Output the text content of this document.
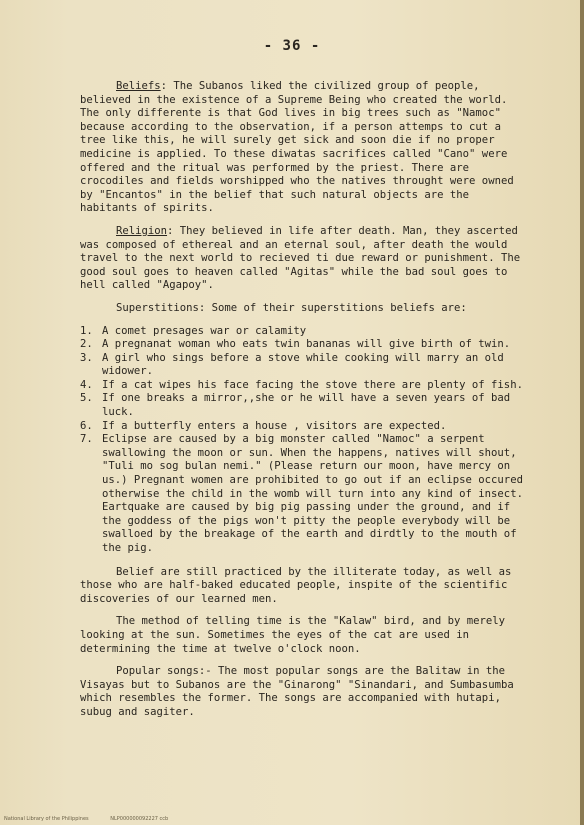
- 36 -

Beliefs: The Subanos liked the civilized group of people, believed in the existence of a Supreme Being who created the world. The only differente is that God lives in big trees such as "Namoc" because according to the observation, if a person attemps to cut a tree like this, he will surely get sick and soon die if no proper medicine is applied. To these diwatas sacrifices called "Cano" were offered and the ritual was performed by the priest. There are crocodiles and fields worshipped who the natives throught were owned by "Encantos" in the belief that such natural objects are the habitants of spirits.

Religion: They believed in life after death. Man, they ascerted was composed of ethereal and an eternal soul, after death the would travel to the next world to recieved ti due reward or punishment. The good soul goes to heaven called "Agitas" while the bad soul goes to hell called "Agapoy".

Superstitions: Some of their superstitions beliefs are:

1. A comet presages war or calamity
2. A pregnanat woman who eats twin bananas will give birth of twin.
3. A girl who sings before a stove while cooking will marry an old widower.
4. If a cat wipes his face facing the stove there are plenty of fish.
5. If one breaks a mirror,,she or he will have a seven years of bad luck.
6. If a butterfly enters a house , visitors are expected.
7. Eclipse are caused by a big monster called "Namoc" a serpent swallowing the moon or sun. When the happens, natives will shout, "Tuli mo sog bulan nemi." (Please return our moon, have mercy on us.) Pregnant women are prohibited to go out if an eclipse occured otherwise the child in the womb will turn into any kind of insect. Eartquake are caused by big pig passing under the ground, and if the goddess of the pigs won't pitty the people everybody will be swalloed by the breakage of the earth and dirdtly to the mouth of the pig.

Belief are still practiced by the illiterate today, as well as those who are half-baked educated people, inspite of the scientific discoveries of our learned men.

The method of telling time is the "Kalaw" bird, and by merely looking at the sun. Sometimes the eyes of the cat are used in determining the time at twelve o'clock noon.

Popular songs:- The most popular songs are the Balitaw in the Visayas but to Subanos are the "Ginarong" "Sinandari, and Sumbasumba which resembles the former. The songs are accompanied with hutapi, subug and sagiter.

National Library of the Philippines	NLP000000092227 ccb
